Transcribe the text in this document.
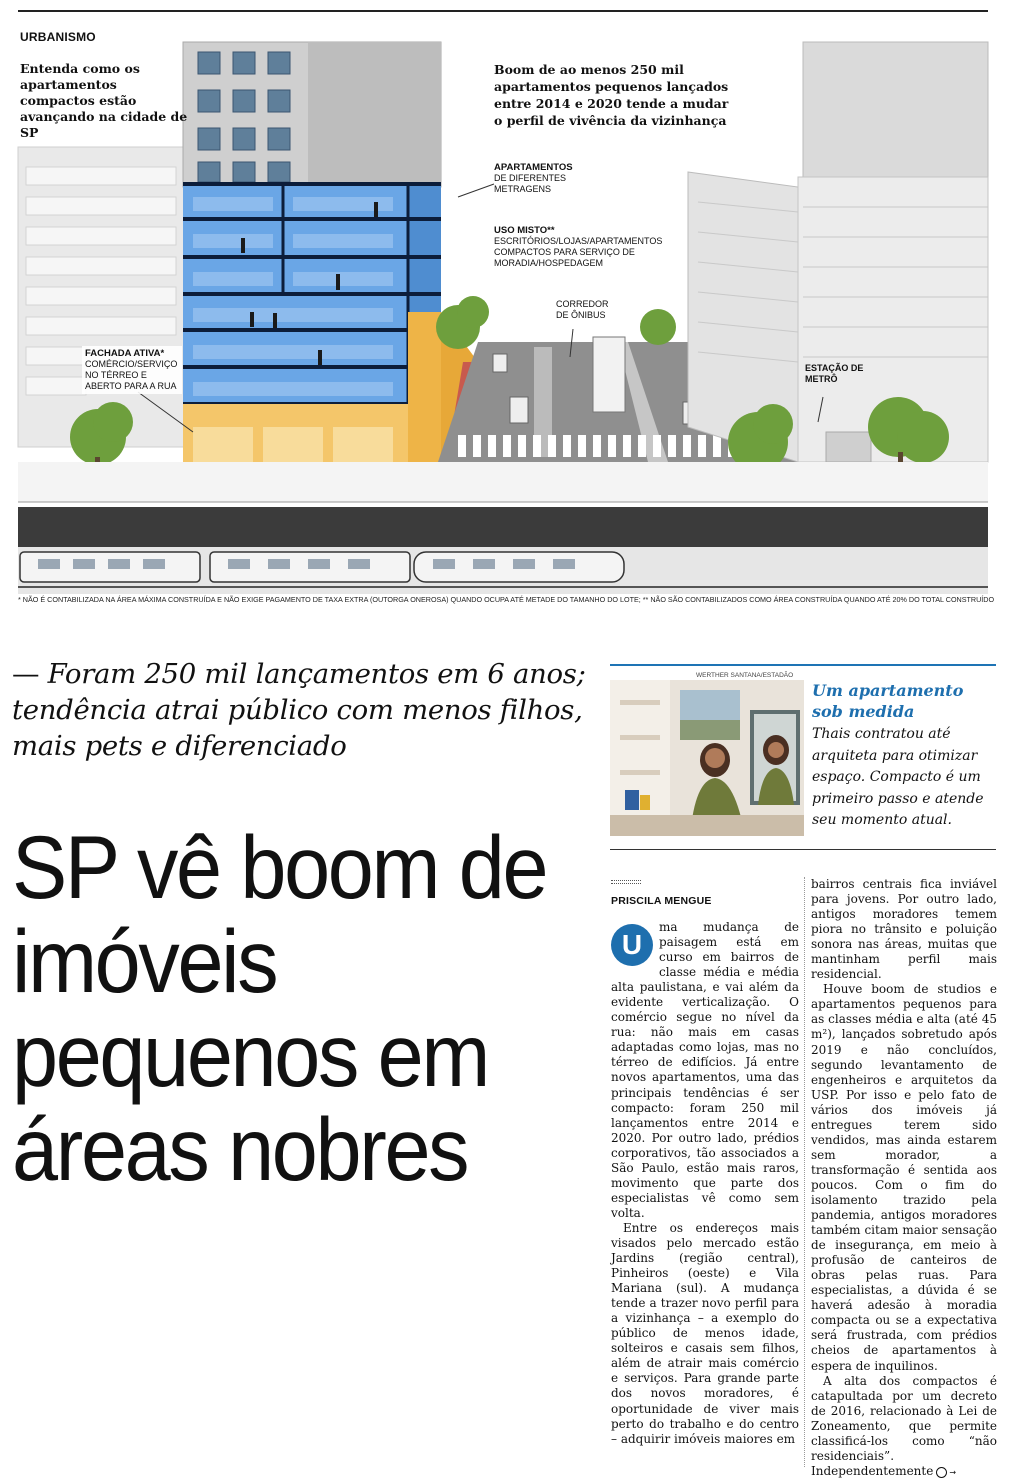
URBANISMO
Entenda como os apartamentos compactos estão avançando na cidade de SP
Boom de ao menos 250 mil apartamentos pequenos lançados entre 2014 e 2020 tende a mudar o perfil de vivência da vizinhança
APARTAMENTOS
DE DIFERENTES METRAGENS
USO MISTO**
ESCRITÓRIOS/LOJAS/APARTAMENTOS COMPACTOS PARA SERVIÇO DE MORADIA/HOSPEDAGEM
CORREDOR DE ÔNIBUS
FACHADA ATIVA*
COMÉRCIO/SERVIÇO NO TÉRREO E ABERTO PARA A RUA
ESTAÇÃO DE METRÔ
* NÃO É CONTABILIZADA NA ÁREA MÁXIMA CONSTRUÍDA E NÃO EXIGE PAGAMENTO DE TAXA EXTRA (OUTORGA ONEROSA) QUANDO OCUPA ATÉ METADE DO TAMANHO DO LOTE; ** NÃO SÃO CONTABILIZADOS COMO ÁREA CONSTRUÍDA QUANDO ATÉ 20% DO TOTAL CONSTRUÍDO
— Foram 250 mil lançamentos em 6 anos; tendência atrai público com menos filhos, mais pets e diferenciado
SP vê boom de imóveis pequenos em áreas nobres
WERTHER SANTANA/ESTADÃO
Um apartamento sob medida
Thais contratou até arquiteta para otimizar espaço. Compacto é um primeiro passo e atende seu momento atual.
PRISCILA MENGUE

U
ma mudança de paisagem está em curso em bairros de classe média e média alta paulistana, e vai além da evidente verticalização. O comércio segue no nível da rua: não mais em casas adaptadas como lojas, mas no térreo de edifícios. Já entre novos apartamentos, uma das principais tendências é ser compacto: foram 250 mil lançamentos entre 2014 e 2020. Por outro lado, prédios corporativos, tão associados a São Paulo, estão mais raros, movimento que parte dos especialistas vê como sem volta.

Entre os endereços mais visados pelo mercado estão Jardins (região central), Pinheiros (oeste) e Vila Mariana (sul). A mudança tende a trazer novo perfil para a vizinhança – a exemplo do público de menos idade, solteiros e casais sem filhos, além de atrair mais comércio e serviços. Para grande parte dos novos moradores, é oportunidade de viver mais perto do trabalho e do centro – adquirir imóveis maiores em

bairros centrais fica inviável para jovens. Por outro lado, antigos moradores temem piora no trânsito e poluição sonora nas áreas, muitas que mantinham perfil mais residencial.

Houve boom de studios e apartamentos pequenos para as classes média e alta (até 45 m²), lançados sobretudo após 2019 e não concluídos, segundo levantamento de engenheiros e arquitetos da USP. Por isso e pelo fato de vários dos imóveis já entregues terem sido vendidos, mas ainda estarem sem morador, a transformação é sentida aos poucos. Com o fim do isolamento trazido pela pandemia, antigos moradores também citam maior sensação de insegurança, em meio à profusão de canteiros de obras pelas ruas. Para especialistas, a dúvida é se haverá adesão à moradia compacta ou se a expectativa será frustrada, com prédios cheios de apartamentos à espera de inquilinos.

A alta dos compactos é catapultada por um decreto de 2016, relacionado à Lei de Zoneamento, que permite classificá-los como “não residenciais”. Independentemente →
